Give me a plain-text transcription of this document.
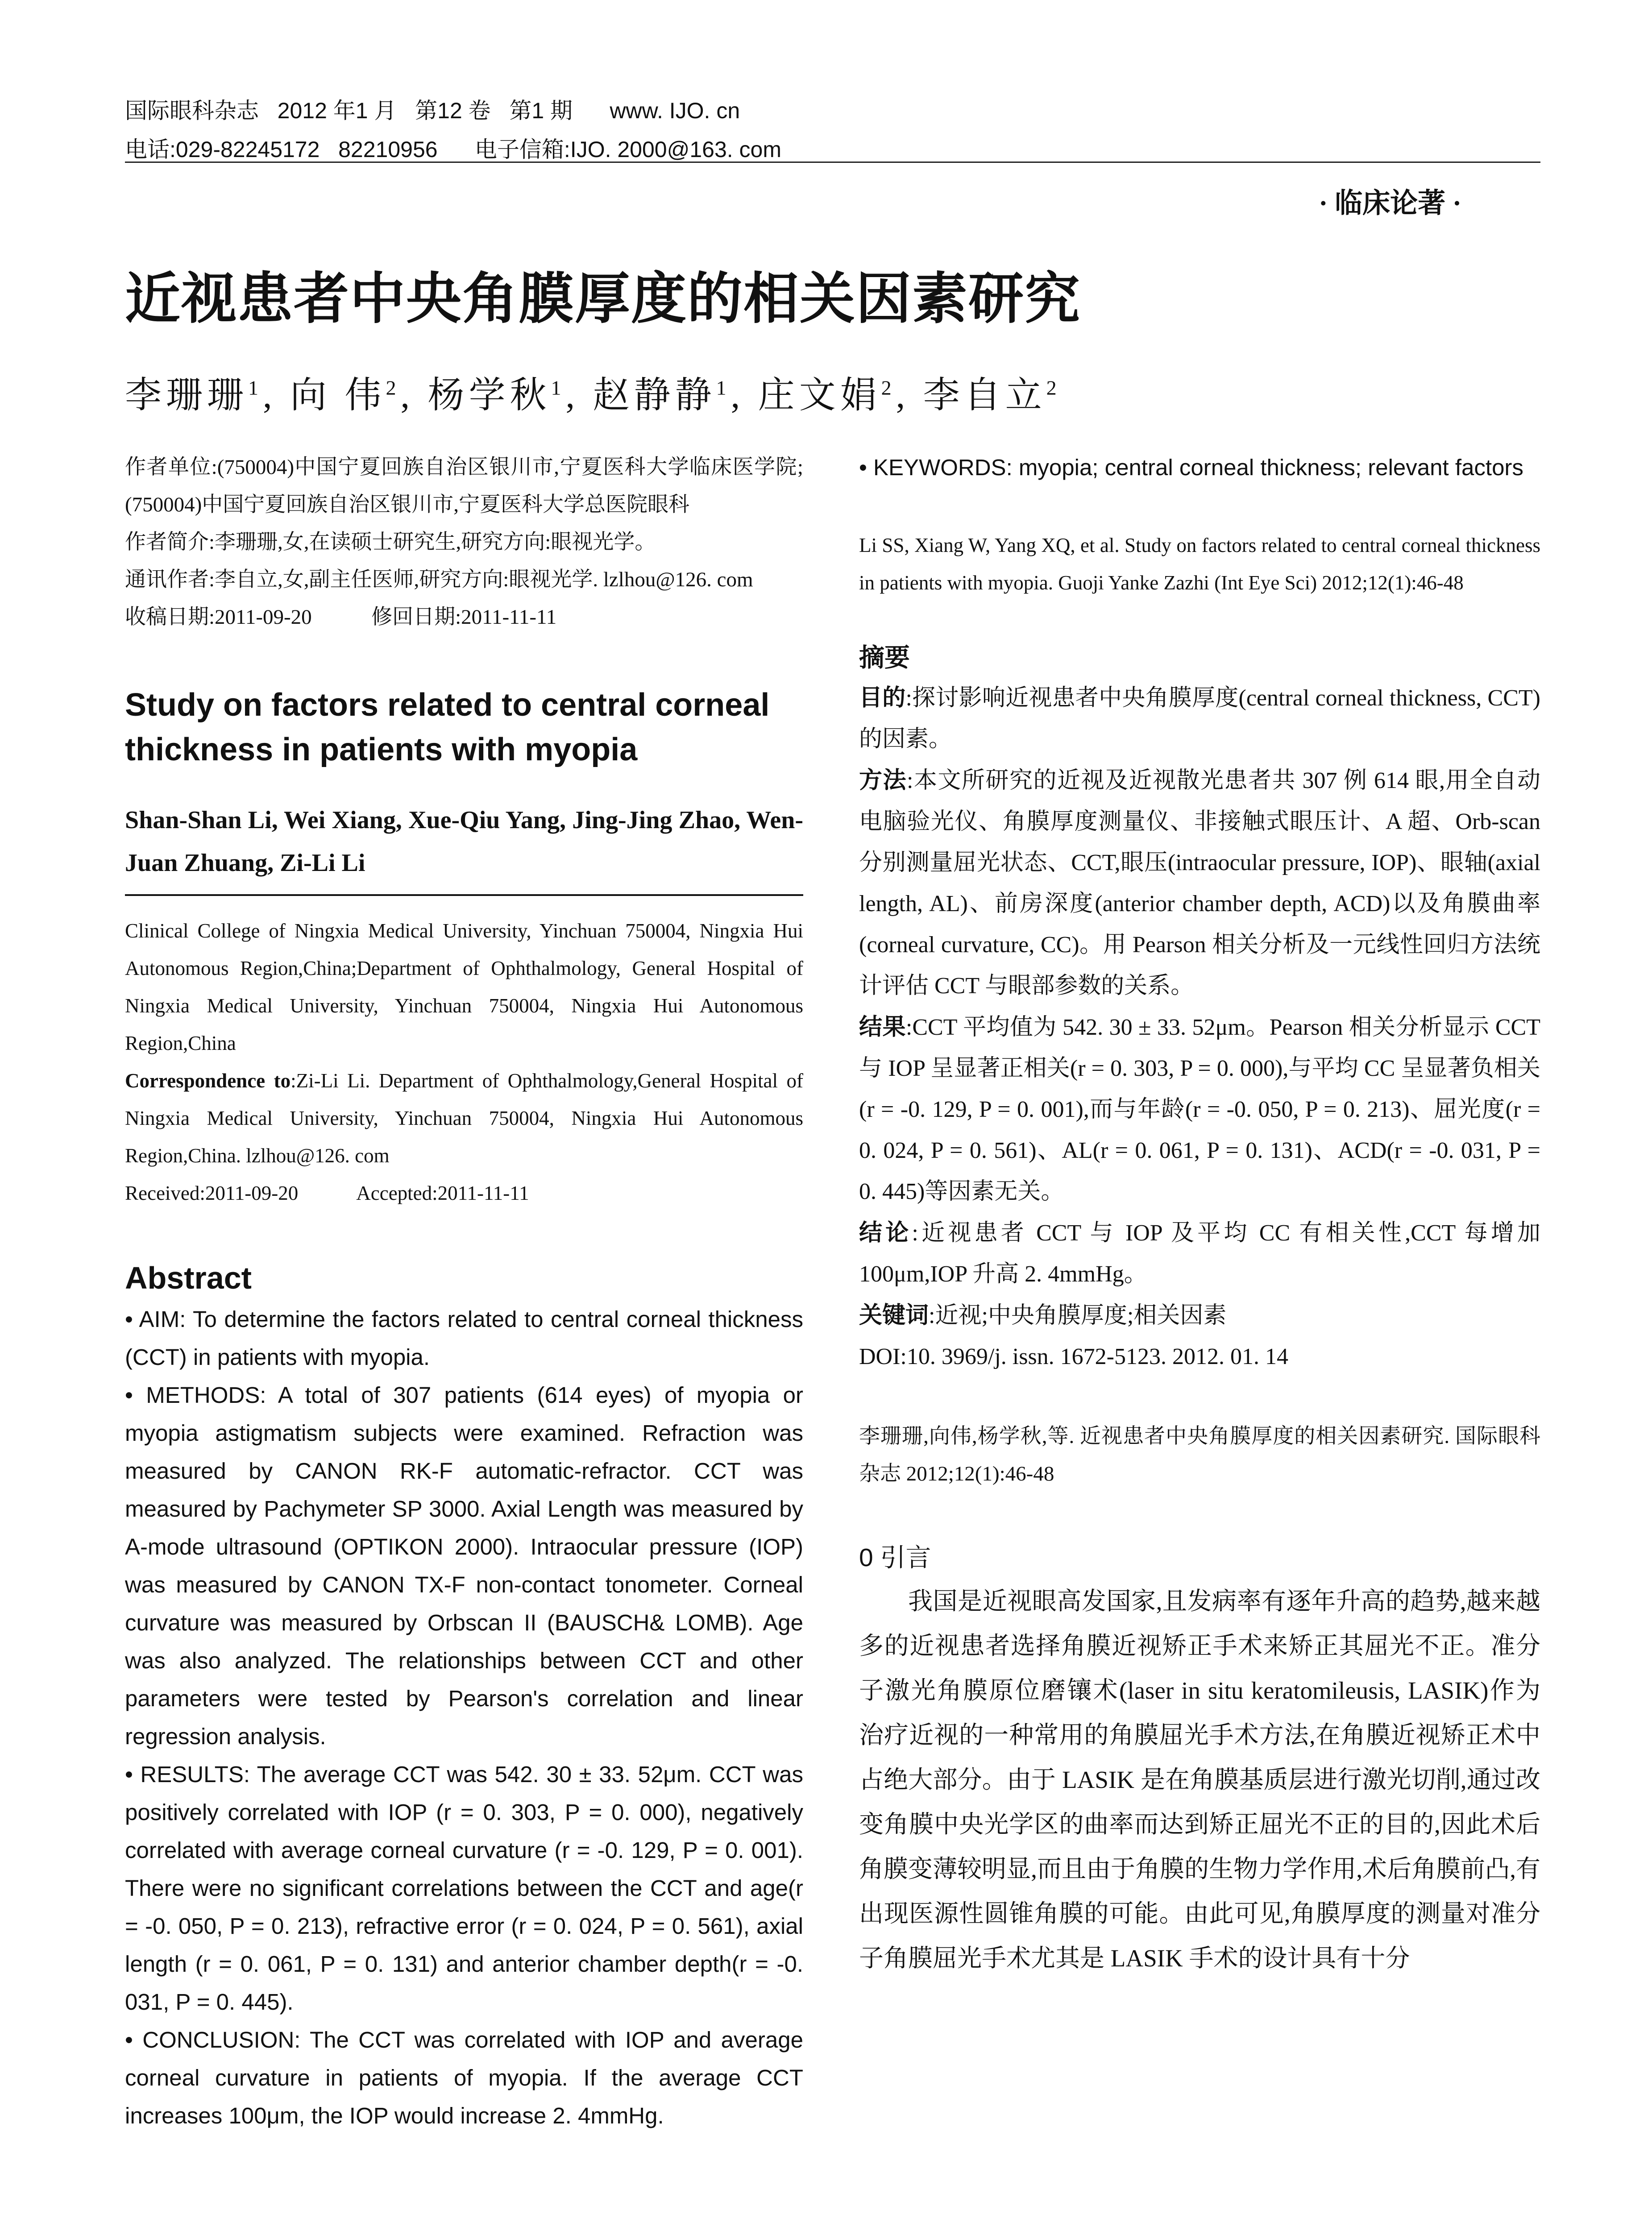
国际眼科杂志   2012 年1 月   第12 卷   第1 期      www. IJO. cn
电话:029-82245172   82210956      电子信箱:IJO. 2000@163. com
· 临床论著 ·
近视患者中央角膜厚度的相关因素研究
李珊珊$^1$, 向 伟$^2$, 杨学秋$^1$, 赵静静$^1$, 庄文娟$^2$, 李自立$^2$

作者单位:(750004)中国宁夏回族自治区银川市,宁夏医科大学临床医学院;(750004)中国宁夏回族自治区银川市,宁夏医科大学总医院眼科

作者简介:李珊珊,女,在读硕士研究生,研究方向:眼视光学。

通讯作者:李自立,女,副主任医师,研究方向:眼视光学. lzlhou@126. com

收稿日期:2011-09-20	修回日期:2011-11-11

Study on factors related to central corneal thickness in patients with myopia
Shan-Shan Li, Wei Xiang, Xue-Qiu Yang, Jing-Jing Zhao, Wen-Juan Zhuang, Zi-Li Li

Clinical College of Ningxia Medical University, Yinchuan 750004, Ningxia Hui Autonomous Region,China;Department of Ophthalmology, General Hospital of Ningxia Medical University, Yinchuan 750004, Ningxia Hui Autonomous Region,China

Correspondence to:Zi-Li Li. Department of Ophthalmology,General Hospital of Ningxia Medical University, Yinchuan 750004, Ningxia Hui Autonomous Region,China. lzlhou@126. com

Received:2011-09-20	Accepted:2011-11-11

Abstract

• AIM: To determine the factors related to central corneal thickness (CCT) in patients with myopia.

• METHODS: A total of 307 patients (614 eyes) of myopia or myopia astigmatism subjects were examined. Refraction was measured by CANON RK-F automatic-refractor. CCT was measured by Pachymeter SP 3000. Axial Length was measured by A-mode ultrasound (OPTIKON 2000). Intraocular pressure (IOP) was measured by CANON TX-F non-contact tonometer. Corneal curvature was measured by Orbscan II (BAUSCH& LOMB). Age was also analyzed. The relationships between CCT and other parameters were tested by Pearson's correlation and linear regression analysis.

• RESULTS: The average CCT was 542. 30 ± 33. 52μm. CCT was positively correlated with IOP (r = 0. 303, P = 0. 000), negatively correlated with average corneal curvature (r = -0. 129, P = 0. 001). There were no significant correlations between the CCT and age(r = -0. 050, P = 0. 213), refractive error (r = 0. 024, P = 0. 561), axial length (r = 0. 061, P = 0. 131) and anterior chamber depth(r = -0. 031, P = 0. 445).

• CONCLUSION: The CCT was correlated with IOP and average corneal curvature in patients of myopia. If the average CCT increases 100μm, the IOP would increase 2. 4mmHg.

• KEYWORDS: myopia; central corneal thickness; relevant factors

Li SS, Xiang W, Yang XQ, et al. Study on factors related to central corneal thickness in patients with myopia. Guoji Yanke Zazhi (Int Eye Sci) 2012;12(1):46-48

摘要

目的:探讨影响近视患者中央角膜厚度(central corneal thickness, CCT)的因素。

方法:本文所研究的近视及近视散光患者共 307 例 614 眼,用全自动电脑验光仪、角膜厚度测量仪、非接触式眼压计、A 超、Orb-scan 分别测量屈光状态、CCT,眼压(intraocular pressure, IOP)、眼轴(axial length, AL)、前房深度(anterior chamber depth, ACD)以及角膜曲率(corneal curvature, CC)。用 Pearson 相关分析及一元线性回归方法统计评估 CCT 与眼部参数的关系。

结果:CCT 平均值为 542. 30 ± 33. 52μm。Pearson 相关分析显示 CCT 与 IOP 呈显著正相关(r = 0. 303, P = 0. 000),与平均 CC 呈显著负相关(r = -0. 129, P = 0. 001),而与年龄(r = -0. 050, P = 0. 213)、屈光度(r = 0. 024, P = 0. 561)、AL(r = 0. 061, P = 0. 131)、ACD(r = -0. 031, P = 0. 445)等因素无关。

结论:近视患者 CCT 与 IOP 及平均 CC 有相关性,CCT 每增加 100μm,IOP 升高 2. 4mmHg。

关键词:近视;中央角膜厚度;相关因素

DOI:10. 3969/j. issn. 1672-5123. 2012. 01. 14

李珊珊,向伟,杨学秋,等. 近视患者中央角膜厚度的相关因素研究. 国际眼科杂志 2012;12(1):46-48

0 引言

我国是近视眼高发国家,且发病率有逐年升高的趋势,越来越多的近视患者选择角膜近视矫正手术来矫正其屈光不正。准分子激光角膜原位磨镶术(laser in situ keratomileusis, LASIK)作为治疗近视的一种常用的角膜屈光手术方法,在角膜近视矫正术中占绝大部分。由于 LASIK 是在角膜基质层进行激光切削,通过改变角膜中央光学区的曲率而达到矫正屈光不正的目的,因此术后角膜变薄较明显,而且由于角膜的生物力学作用,术后角膜前凸,有出现医源性圆锥角膜的可能。由此可见,角膜厚度的测量对准分子角膜屈光手术尤其是 LASIK 手术的设计具有十分
